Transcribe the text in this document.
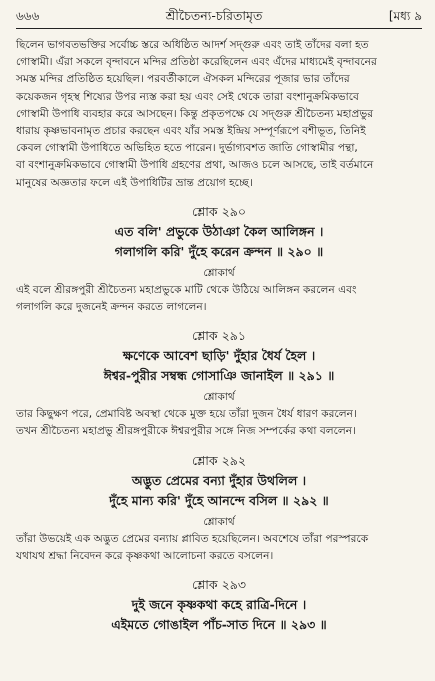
৬৬৬	শ্রীচৈতন্য-চরিতামৃত	[মধ্য ৯
ছিলেন ভাগবতভক্তির সর্বোচ্চ স্তরে অধিষ্ঠিত আদর্শ সদ্গুরু এবং তাই তাঁদের বলা হত
গোস্বামী। এঁরা সকলে বৃন্দাবনে মন্দির প্রতিষ্ঠা করেছিলেন এবং এঁদের মাধ্যমেই বৃন্দাবনের
সমস্ত মন্দির প্রতিষ্ঠিত হয়েছিল। পরবর্তীকালে ঐসকল মন্দিরের পূজার ভার তাঁদের
কয়েকজন গৃহস্থ শিষ্যের উপর ন্যস্ত করা হয় এবং সেই থেকে তারা বংশানুক্রমিকভাবে
গোস্বামী উপাধি ব্যবহার করে আসছেন। কিন্তু প্রকৃতপক্ষে যে সদ্গুরু শ্রীচৈতন্য মহাপ্রভুর
ধারায় কৃষ্ণভাবনামৃত প্রচার করছেন এবং যাঁর সমস্ত ইন্দ্রিয় সম্পূর্ণরূপে বশীভূত, তিনিই
কেবল গোস্বামী উপাধিতে অভিহিত হতে পারেন। দুর্ভাগ্যবশত জাতি গোস্বামীর পন্থা,
বা বংশানুক্রমিকভাবে গোস্বামী উপাধি গ্রহণের প্রথা, আজও চলে আসছে, তাই বর্তমানে
মানুষের অজ্ঞতার ফলে এই উপাধিটির ভ্রান্ত প্রয়োগ হচ্ছে।
শ্লোক ২৯০
এত বলি' প্রভুকে উঠাঞা কৈল আলিঙ্গন ।
গলাগলি করি' দুঁহে করেন ক্রন্দন ॥ ২৯০ ॥
শ্লোকার্থ
এই বলে শ্রীরঙ্গপুরী শ্রীচৈতন্য মহাপ্রভুকে মাটি থেকে উঠিয়ে আলিঙ্গন করলেন এবং
গলাগলি করে দুজনেই ক্রন্দন করতে লাগলেন।
শ্লোক ২৯১
ক্ষণেকে আবেশ ছাড়ি' দুঁহার ধৈর্য হৈল ।
ঈশ্বর-পুরীর সম্বন্ধ গোসাঞি জানাইল ॥ ২৯১ ॥
শ্লোকার্থ
তার কিছুক্ষণ পরে, প্রেমাবিষ্ট অবস্থা থেকে মুক্ত হয়ে তাঁরা দুজন ধৈর্য ধারণ করলেন।
তখন শ্রীচৈতন্য মহাপ্রভু শ্রীরঙ্গপুরীকে ঈশ্বরপুরীর সঙ্গে নিজ সম্পর্কের কথা বললেন।
শ্লোক ২৯২
অদ্ভুত প্রেমের বন্যা দুঁহার উথলিল ।
দুঁহে মান্য করি' দুঁহে আনন্দে বসিল ॥ ২৯২ ॥
শ্লোকার্থ
তাঁরা উভয়েই এক অদ্ভুত প্রেমের বন্যায় প্লাবিত হয়েছিলেন। অবশেষে তাঁরা পরস্পরকে
যথাযথ শ্রদ্ধা নিবেদন করে কৃষ্ণকথা আলোচনা করতে বসলেন।
শ্লোক ২৯৩
দুই জনে কৃষ্ণকথা কহে রাত্রি-দিনে ।
এইমতে গোঙাইল পাঁচ-সাত দিনে ॥ ২৯৩ ॥
